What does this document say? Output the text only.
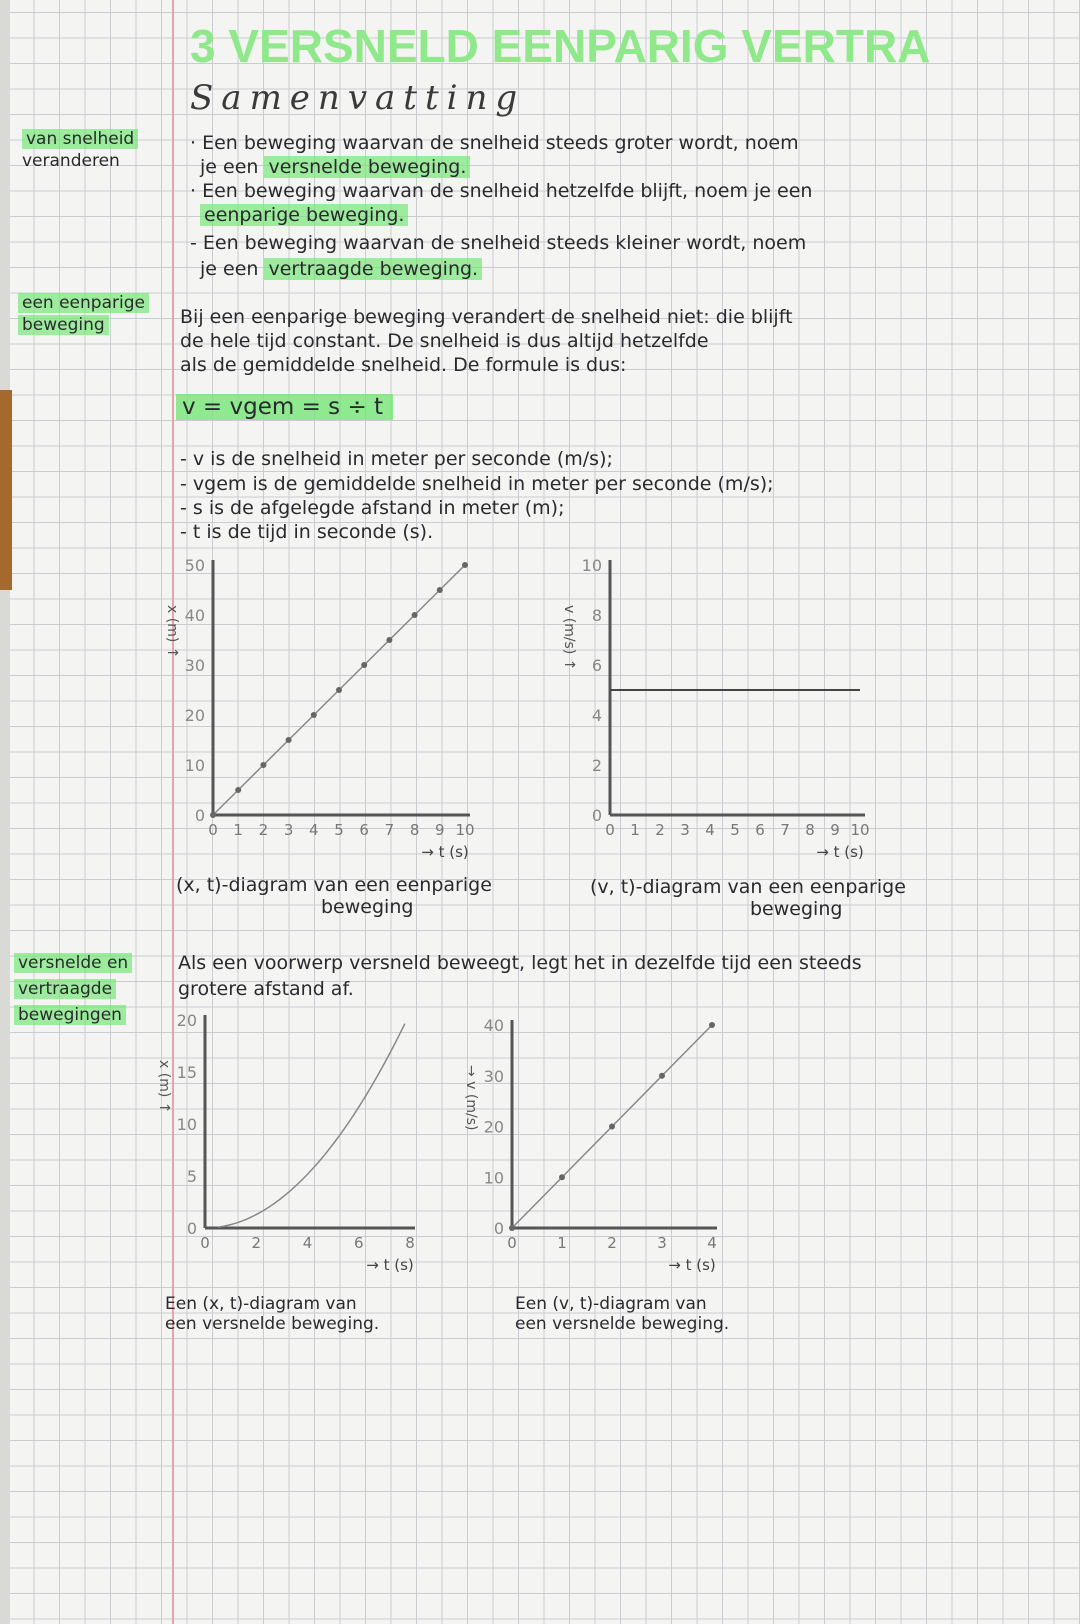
3 VERSNELD EENPARIG VERTRA
Samenvatting
van snelheid
veranderen
· Een beweging waarvan de snelheid steeds groter wordt, noem
je een versnelde beweging.
· Een beweging waarvan de snelheid hetzelfde blijft, noem je een
eenparige beweging.
- Een beweging waarvan de snelheid steeds kleiner wordt, noem
je een vertraagde beweging.
een eenparige
beweging	Bij een eenparige beweging verandert de snelheid niet: die blijft
de hele tijd constant. De snelheid is dus altijd hetzelfde
als de gemiddelde snelheid. De formule is dus:
v = vgem = s ÷ t
- v is de snelheid in meter per seconde (m/s);
- vgem is de gemiddelde snelheid in meter per seconde (m/s);
- s is de afgelegde afstand in meter (m);
- t is de tijd in seconde (s).
(x, t)-diagram van een eenparige
beweging
(v, t)-diagram van een eenparige
beweging
versnelde en
vertraagde
bewegingen
Als een voorwerp versneld beweegt, legt het in dezelfde tijd een steeds
grotere afstand af.
Een (x, t)-diagram van
een versnelde beweging.
Een (v, t)-diagram van
een versnelde beweging.
0 1 2 3 4 5 6 7 8 9 10
0
10
20
30
40
50
→ t (s)
x (m) ↑
0 1 2 3 4 5 6 7 8 9 10
0
2
4
6
8
10
→ t (s)
v (m/s) ↑
0	2	4	6	8
0
5
10
15
20
→ t (s)
x (m) ↑
0	1	2	3	4
0
10
20
30
40
→ t (s)
→ v (m/s)
